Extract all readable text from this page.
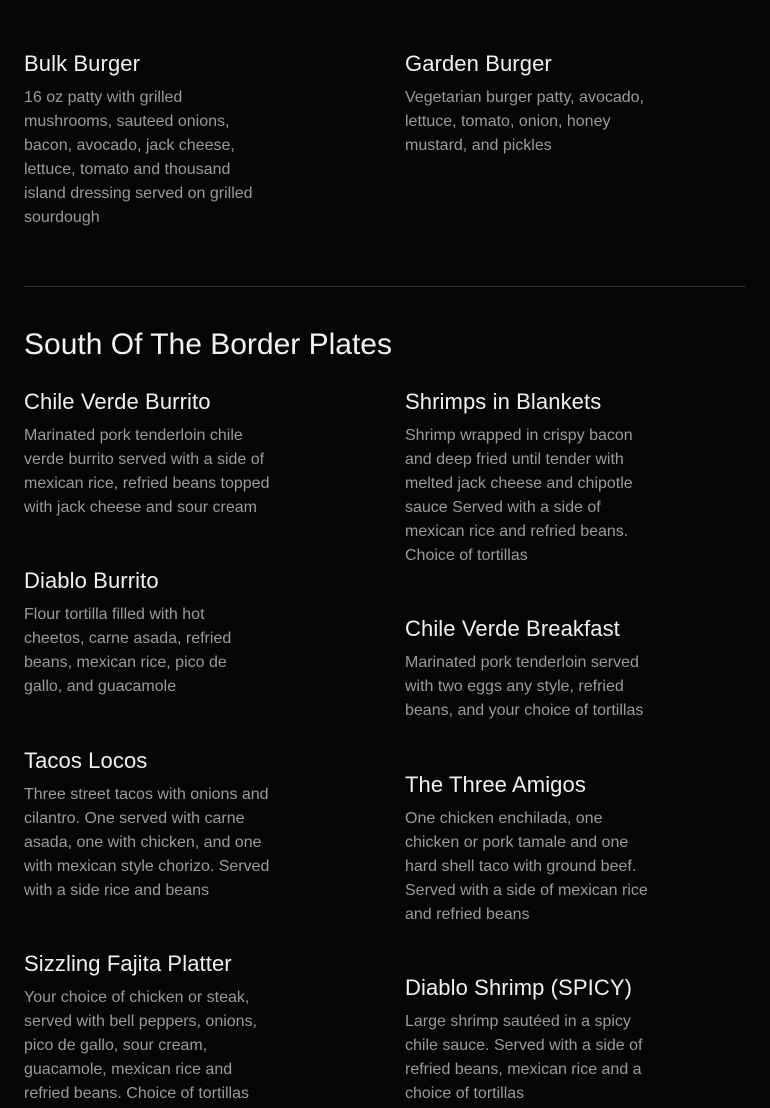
Bulk Burger

16 oz patty with grilled mushrooms, sauteed onions, bacon, avocado, jack cheese, lettuce, tomato and thousand island dressing served on grilled sourdough

Garden Burger

Vegetarian burger patty, avocado, lettuce, tomato, onion, honey mustard, and pickles

South Of The Border Plates
Chile Verde Burrito

Marinated pork tenderloin chile verde burrito served with a side of mexican rice, refried beans topped with jack cheese and sour cream

Diablo Burrito

Flour tortilla filled with hot cheetos, carne asada, refried beans, mexican rice, pico de gallo, and guacamole

Tacos Locos

Three street tacos with onions and cilantro. One served with carne asada, one with chicken, and one with mexican style chorizo. Served with a side rice and beans

Sizzling Fajita Platter

Your choice of chicken or steak, served with bell peppers, onions, pico de gallo, sour cream, guacamole, mexican rice and refried beans. Choice of tortillas

Shrimps in Blankets

Shrimp wrapped in crispy bacon and deep fried until tender with melted jack cheese and chipotle sauce Served with a side of mexican rice and refried beans. Choice of tortillas

Chile Verde Breakfast

Marinated pork tenderloin served with two eggs any style, refried beans, and your choice of tortillas

The Three Amigos

One chicken enchilada, one chicken or pork tamale and one hard shell taco with ground beef. Served with a side of mexican rice and refried beans

Diablo Shrimp (SPICY)

Large shrimp sautéed in a spicy chile sauce. Served with a side of refried beans, mexican rice and a choice of tortillas
